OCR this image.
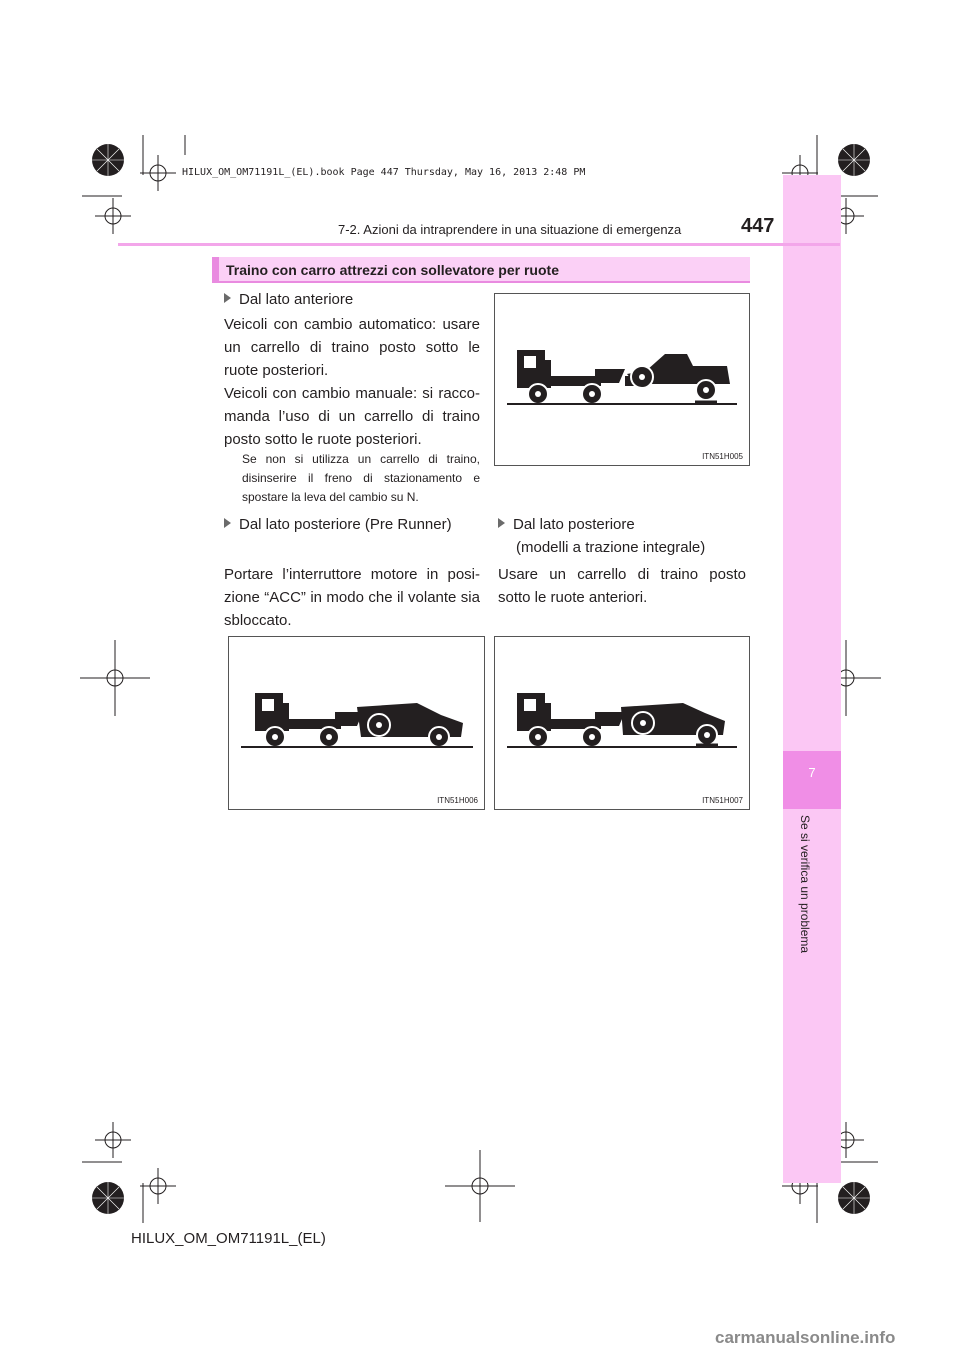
7
Se si verifica un problema
HILUX_OM_OM71191L_(EL).book Page 447 Thursday, May 16, 2013 2:48 PM
7-2. Azioni da intraprendere in una situazione di emergenza	447
Traino con carro attrezzi con sollevatore per ruote
Dal lato anteriore
Veicoli con cambio automatico: usare un carrello di traino posto sotto le ruote posteriori.
Veicoli con cambio manuale: si racco-manda l’uso di un carrello di traino posto sotto le ruote posteriori.
Se non si utilizza un carrello di traino, disinserire il freno di stazionamento e spostare la leva del cambio su N.
ITN51H005
Dal lato posteriore (Pre Runner)
Portare l’interruttore motore in posi-zione “ACC” in modo che il volante sia sbloccato.
Dal lato posteriore
(modelli a trazione integrale)
Usare un carrello di traino posto sotto le ruote anteriori.
ITN51H006	ITN51H007
HILUX_OM_OM71191L_(EL)
carmanualsonline.info
